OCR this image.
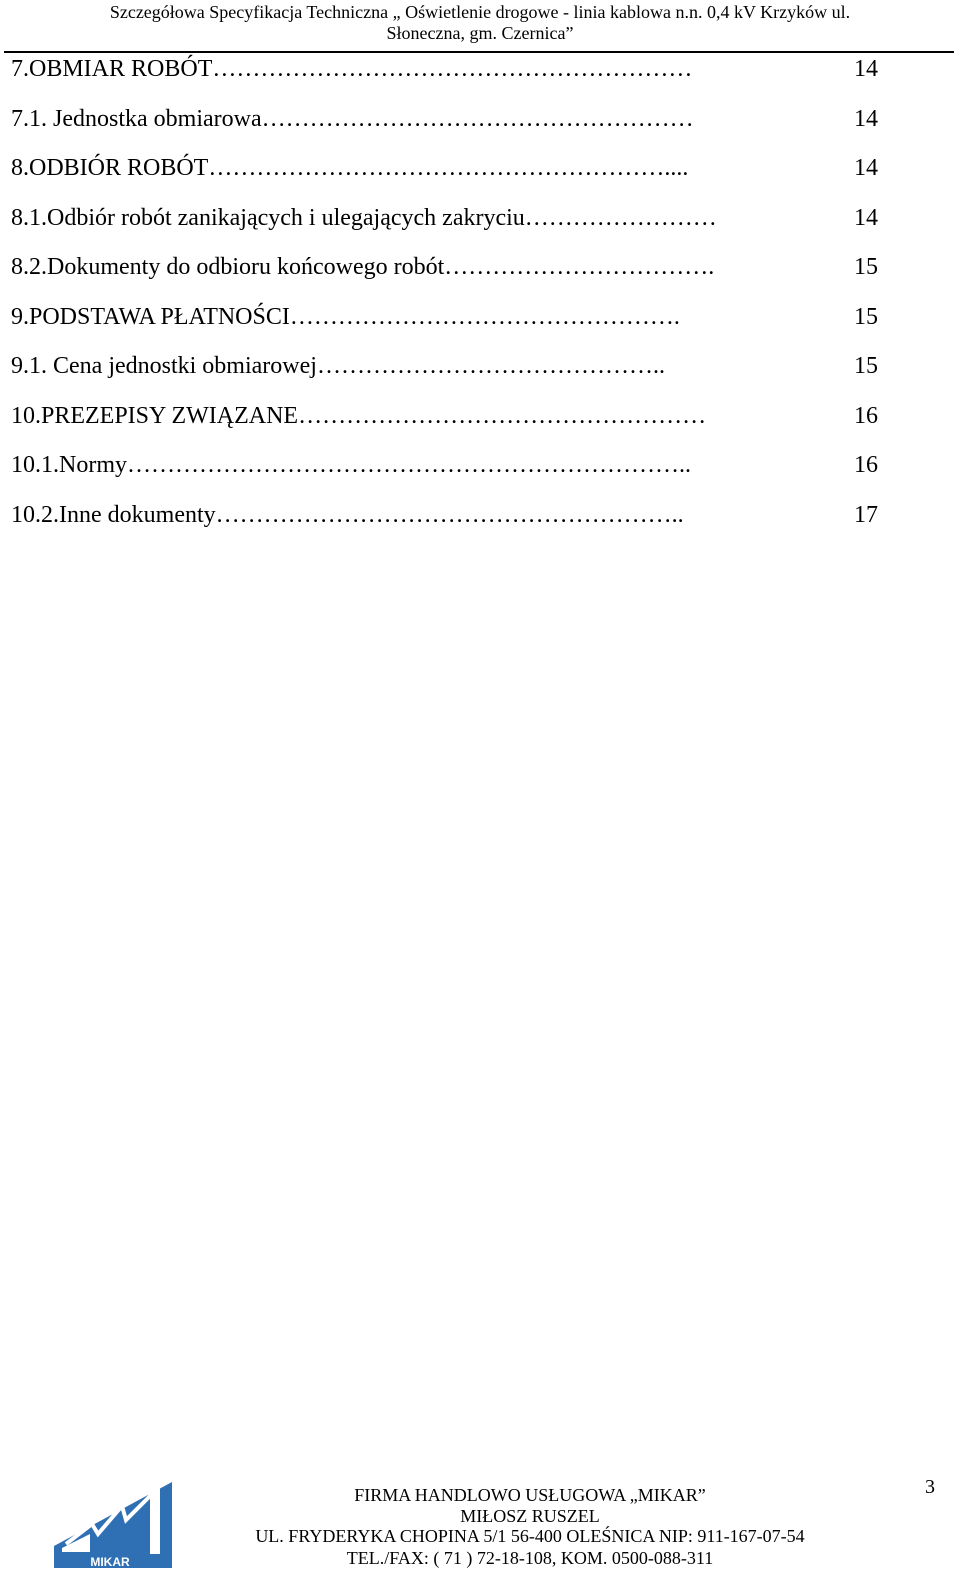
Szczegółowa Specyfikacja Techniczna „ Oświetlenie drogowe - linia kablowa n.n. 0,4 kV Krzyków ul.
Słoneczna, gm. Czernica”
7.OBMIAR ROBÓT……………………………………………………	14
7.1. Jednostka obmiarowa………………………………………………	14
8.ODBIÓR ROBÓT…………………………………………………....	14
8.1.Odbiór robót zanikających i ulegających zakryciu……………………	14
8.2.Dokumenty do odbioru końcowego robót…………………………….	15
9.PODSTAWA PŁATNOŚCI………………………………………….	15
9.1. Cena jednostki obmiarowej……………………………………..	15
10.PREZEPISY ZWIĄZANE……………………………………………	16
10.1.Normy……………………………………………………………..	16
10.2.Inne dokumenty…………………………………………………..	17
MIKAR
FIRMA HANDLOWO USŁUGOWA „MIKAR”
MIŁOSZ RUSZEL
UL. FRYDERYKA CHOPINA 5/1 56-400 OLEŚNICA NIP: 911-167-07-54
TEL./FAX: ( 71 ) 72-18-108, KOM. 0500-088-311
3
